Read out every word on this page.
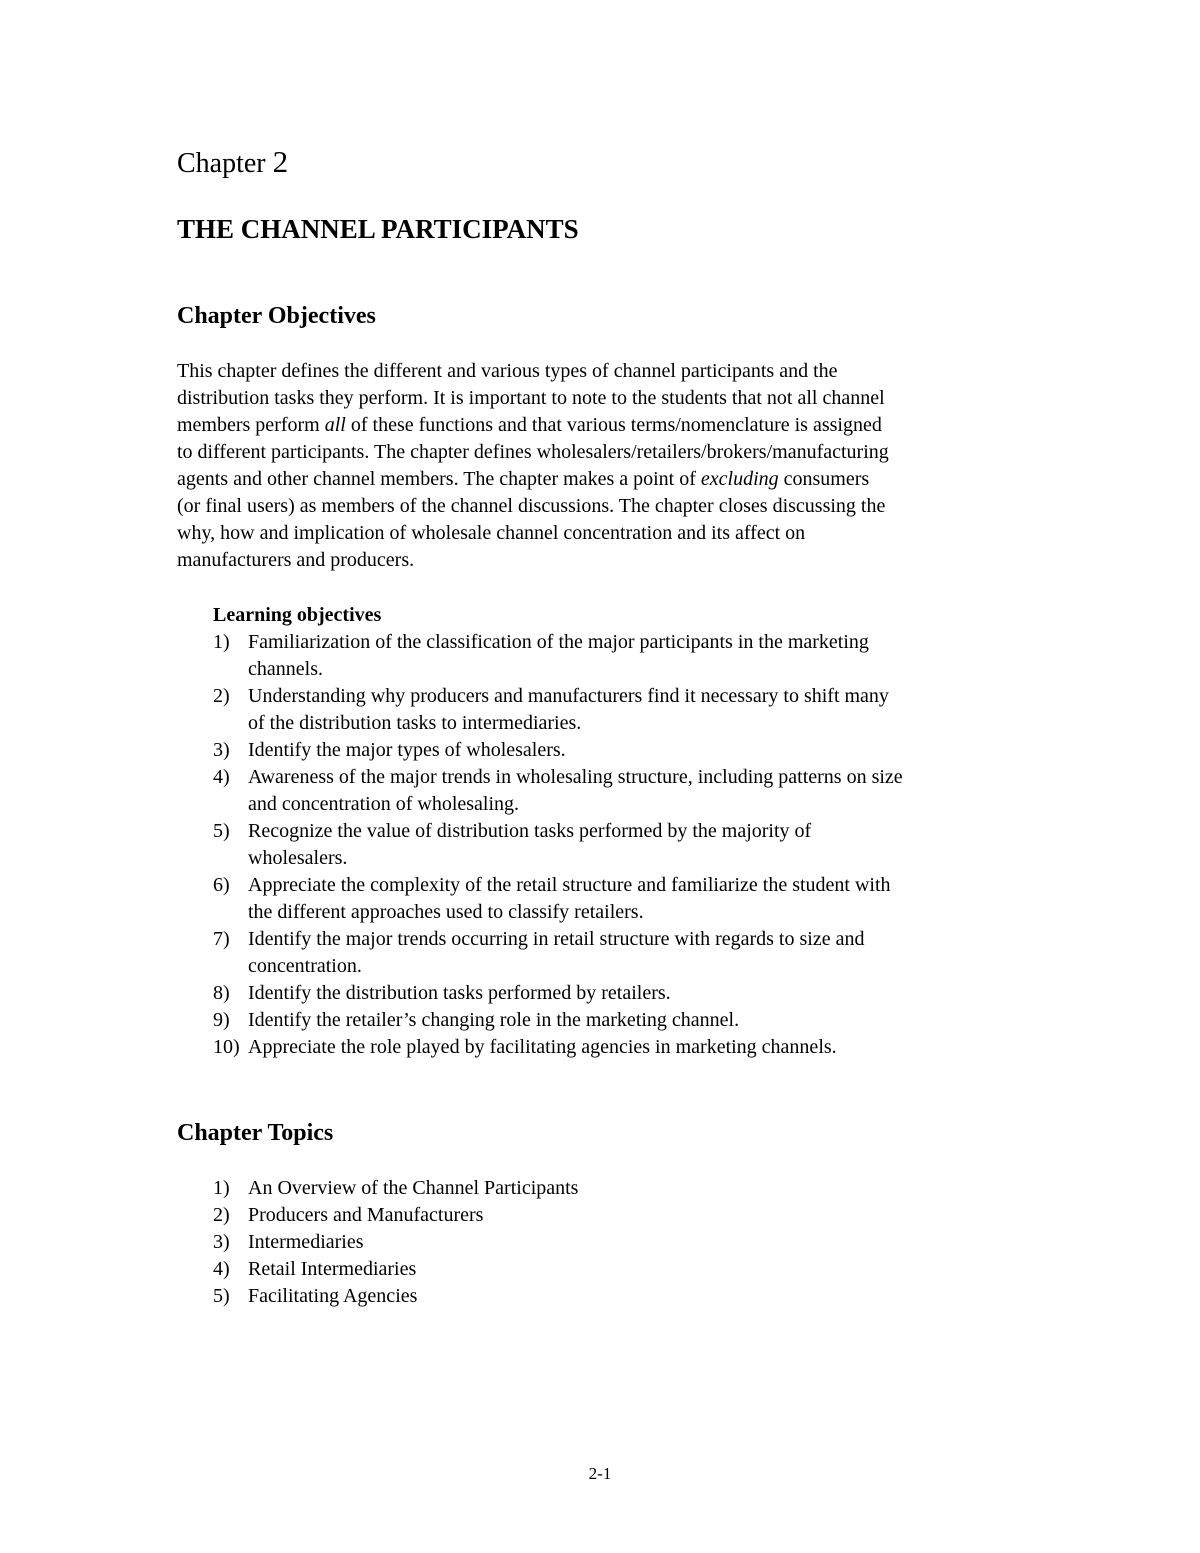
Chapter 2
THE CHANNEL PARTICIPANTS
Chapter Objectives
This chapter defines the different and various types of channel participants and the
distribution tasks they perform. It is important to note to the students that not all channel
members perform all of these functions and that various terms/nomenclature is assigned
to different participants. The chapter defines wholesalers/retailers/brokers/manufacturing
agents and other channel members. The chapter makes a point of excluding consumers
(or final users) as members of the channel discussions. The chapter closes discussing the
why, how and implication of wholesale channel concentration and its affect on
manufacturers and producers.
Learning objectives
1) Familiarization of the classification of the major participants in the marketing
channels.
2) Understanding why producers and manufacturers find it necessary to shift many
of the distribution tasks to intermediaries.
3) Identify the major types of wholesalers.
4) Awareness of the major trends in wholesaling structure, including patterns on size
and concentration of wholesaling.
5) Recognize the value of distribution tasks performed by the majority of
wholesalers.
6) Appreciate the complexity of the retail structure and familiarize the student with
the different approaches used to classify retailers.
7) Identify the major trends occurring in retail structure with regards to size and
concentration.
8) Identify the distribution tasks performed by retailers.
9) Identify the retailer’s changing role in the marketing channel.
10) Appreciate the role played by facilitating agencies in marketing channels.
Chapter Topics
1) An Overview of the Channel Participants
2) Producers and Manufacturers
3) Intermediaries
4) Retail Intermediaries
5) Facilitating Agencies
2-1
